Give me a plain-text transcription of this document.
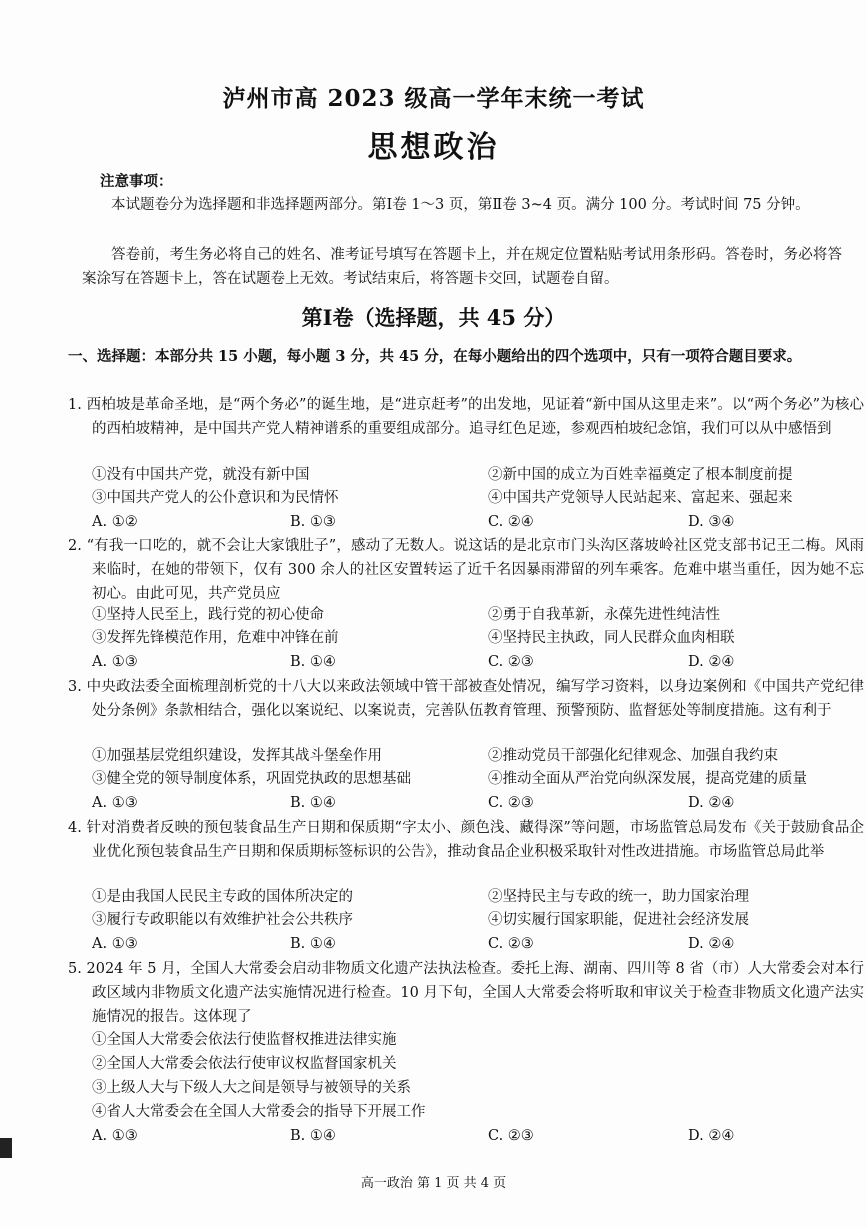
泸州市高 2023 级高一学年末统一考试
思想政治
注意事项：
本试题卷分为选择题和非选择题两部分。第Ⅰ卷 1～3 页，第Ⅱ卷 3~4 页。满分 100 分。考试时间 75 分钟。
答卷前，考生务必将自己的姓名、准考证号填写在答题卡上，并在规定位置粘贴考试用条形码。答卷时，务必将答案涂写在答题卡上，答在试题卷上无效。考试结束后，将答题卡交回，试题卷自留。
第Ⅰ卷（选择题，共 45 分）
一、选择题：本部分共 15 小题，每小题 3 分，共 45 分，在每小题给出的四个选项中，只有一项符合题目要求。
1. 西柏坡是革命圣地，是“两个务必”的诞生地，是“进京赶考”的出发地，见证着“新中国从这里走来”。以“两个务必”为核心的西柏坡精神，是中国共产党人精神谱系的重要组成部分。追寻红色足迹，参观西柏坡纪念馆，我们可以从中感悟到
①没有中国共产党，就没有新中国	②新中国的成立为百姓幸福奠定了根本制度前提
③中国共产党人的公仆意识和为民情怀	④中国共产党领导人民站起来、富起来、强起来
A. ①②	B. ①③	C. ②④	D. ③④
2. “有我一口吃的，就不会让大家饿肚子”，感动了无数人。说这话的是北京市门头沟区落坡岭社区党支部书记王二梅。风雨来临时，在她的带领下，仅有 300 余人的社区安置转运了近千名因暴雨滞留的列车乘客。危难中堪当重任，因为她不忘初心。由此可见，共产党员应
①坚持人民至上，践行党的初心使命	②勇于自我革新，永葆先进性纯洁性
③发挥先锋模范作用，危难中冲锋在前	④坚持民主执政，同人民群众血肉相联
A. ①③	B. ①④	C. ②③	D. ②④
3. 中央政法委全面梳理剖析党的十八大以来政法领域中管干部被查处情况，编写学习资料，以身边案例和《中国共产党纪律处分条例》条款相结合，强化以案说纪、以案说责，完善队伍教育管理、预警预防、监督惩处等制度措施。这有利于
①加强基层党组织建设，发挥其战斗堡垒作用	②推动党员干部强化纪律观念、加强自我约束
③健全党的领导制度体系，巩固党执政的思想基础	④推动全面从严治党向纵深发展，提高党建的质量
A. ①③	B. ①④	C. ②③	D. ②④
4. 针对消费者反映的预包装食品生产日期和保质期“字太小、颜色浅、藏得深”等问题，市场监管总局发布《关于鼓励食品企业优化预包装食品生产日期和保质期标签标识的公告》，推动食品企业积极采取针对性改进措施。市场监管总局此举
①是由我国人民民主专政的国体所决定的	②坚持民主与专政的统一，助力国家治理
③履行专政职能以有效维护社会公共秩序	④切实履行国家职能，促进社会经济发展
A. ①③	B. ①④	C. ②③	D. ②④
5. 2024 年 5 月，全国人大常委会启动非物质文化遗产法执法检查。委托上海、湖南、四川等 8 省（市）人大常委会对本行政区域内非物质文化遗产法实施情况进行检查。10 月下旬，全国人大常委会将听取和审议关于检查非物质文化遗产法实施情况的报告。这体现了
①全国人大常委会依法行使监督权推进法律实施
②全国人大常委会依法行使审议权监督国家机关
③上级人大与下级人大之间是领导与被领导的关系
④省人大常委会在全国人大常委会的指导下开展工作
A. ①③	B. ①④	C. ②③	D. ②④
高一政治 第 1 页 共 4 页
